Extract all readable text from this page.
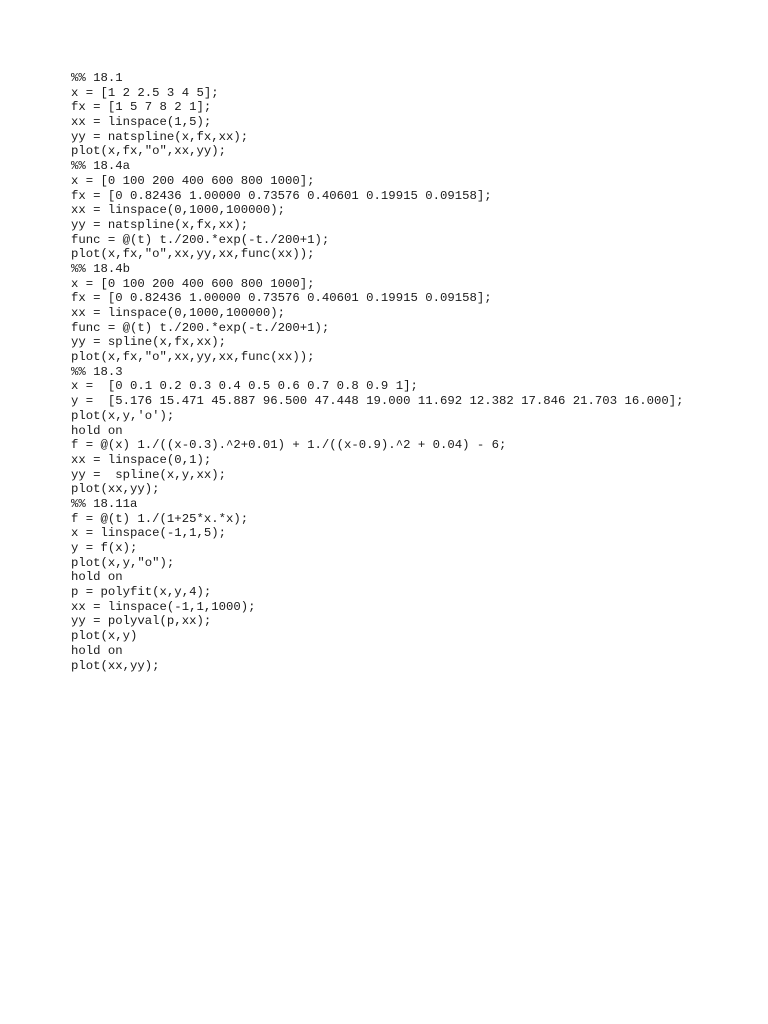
%% 18.1
x = [1 2 2.5 3 4 5];
fx = [1 5 7 8 2 1];
xx = linspace(1,5);
yy = natspline(x,fx,xx);
plot(x,fx,"o",xx,yy);
%% 18.4a
x = [0 100 200 400 600 800 1000];
fx = [0 0.82436 1.00000 0.73576 0.40601 0.19915 0.09158];
xx = linspace(0,1000,100000);
yy = natspline(x,fx,xx);
func = @(t) t./200.*exp(-t./200+1);
plot(x,fx,"o",xx,yy,xx,func(xx));
%% 18.4b
x = [0 100 200 400 600 800 1000];
fx = [0 0.82436 1.00000 0.73576 0.40601 0.19915 0.09158];
xx = linspace(0,1000,100000);
func = @(t) t./200.*exp(-t./200+1);
yy = spline(x,fx,xx);
plot(x,fx,"o",xx,yy,xx,func(xx));
%% 18.3
x =  [0 0.1 0.2 0.3 0.4 0.5 0.6 0.7 0.8 0.9 1];
y =  [5.176 15.471 45.887 96.500 47.448 19.000 11.692 12.382 17.846 21.703 16.000];
plot(x,y,'o');
hold on
f = @(x) 1./((x-0.3).^2+0.01) + 1./((x-0.9).^2 + 0.04) - 6;
xx = linspace(0,1);
yy =  spline(x,y,xx);
plot(xx,yy);
%% 18.11a
f = @(t) 1./(1+25*x.*x);
x = linspace(-1,1,5);
y = f(x);
plot(x,y,"o");
hold on
p = polyfit(x,y,4);
xx = linspace(-1,1,1000);
yy = polyval(p,xx);
plot(x,y)
hold on
plot(xx,yy);
